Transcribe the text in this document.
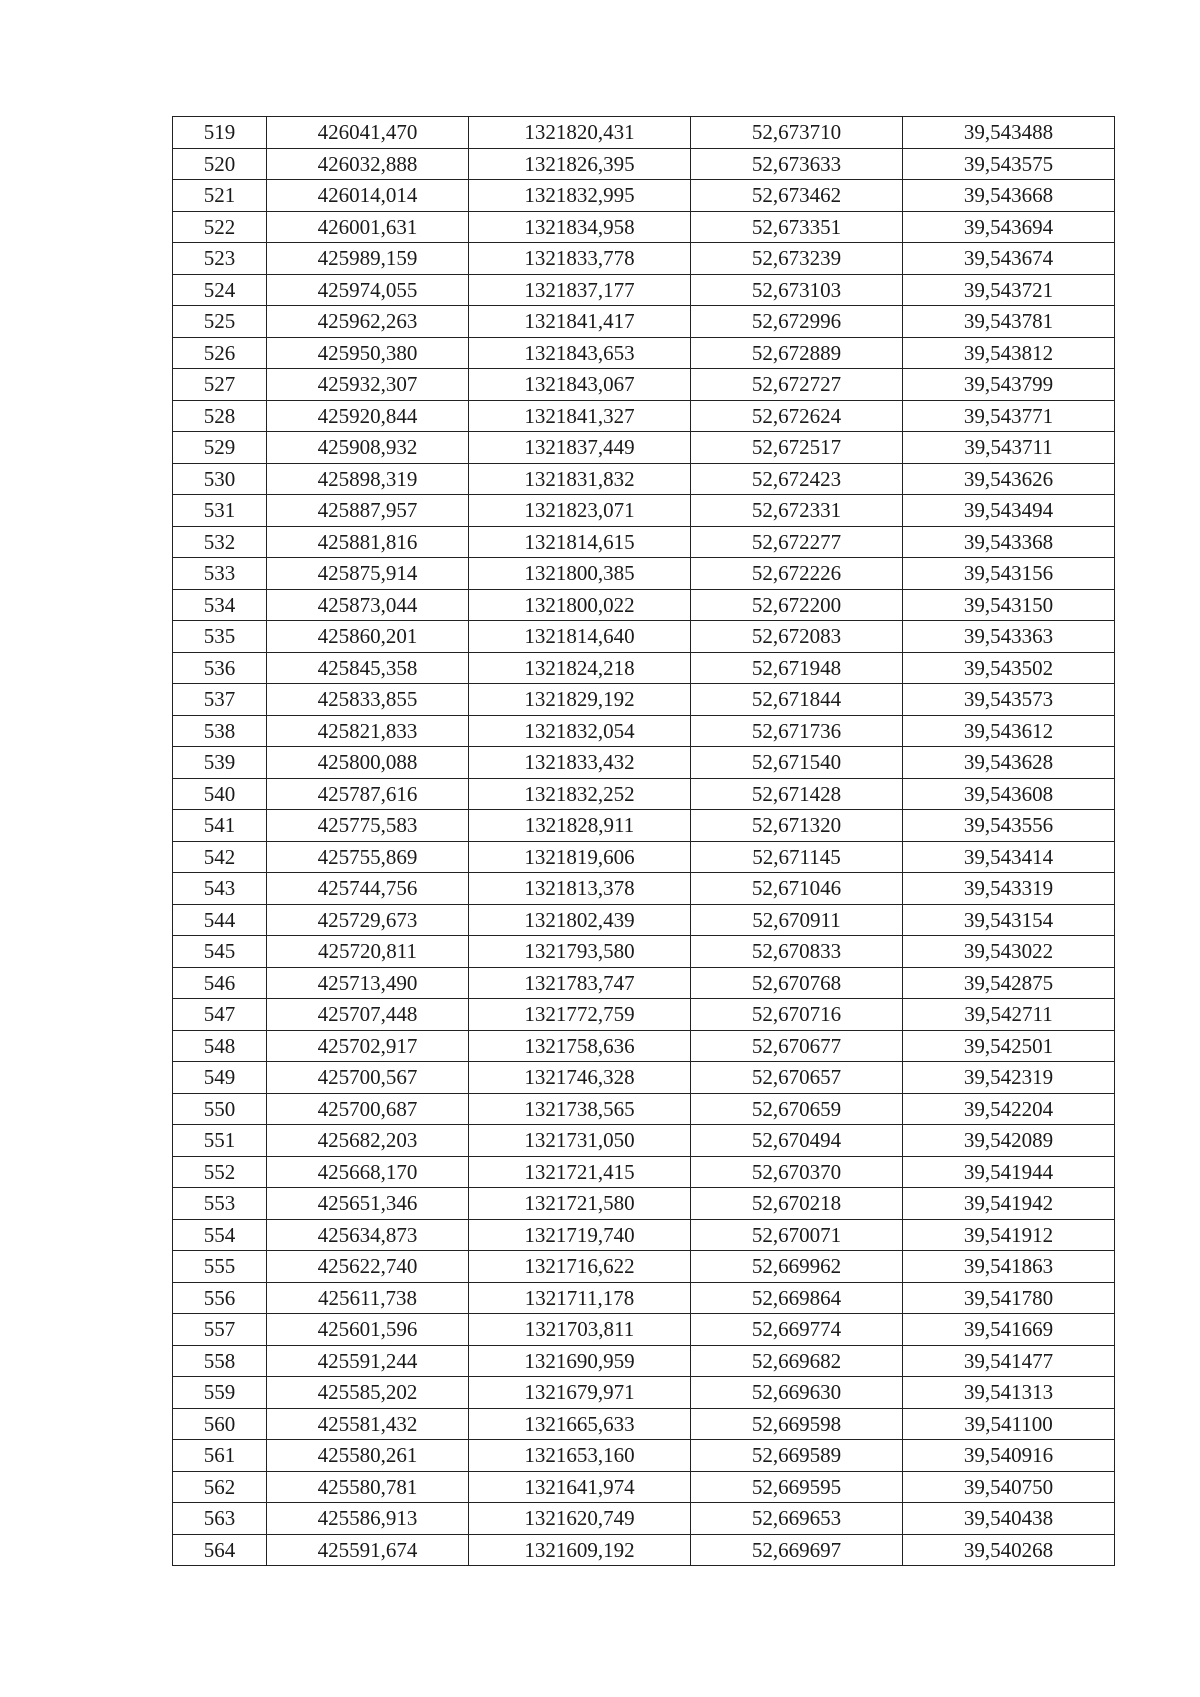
519	426041,470	1321820,431	52,673710	39,543488
520	426032,888	1321826,395	52,673633	39,543575
521	426014,014	1321832,995	52,673462	39,543668
522	426001,631	1321834,958	52,673351	39,543694
523	425989,159	1321833,778	52,673239	39,543674
524	425974,055	1321837,177	52,673103	39,543721
525	425962,263	1321841,417	52,672996	39,543781
526	425950,380	1321843,653	52,672889	39,543812
527	425932,307	1321843,067	52,672727	39,543799
528	425920,844	1321841,327	52,672624	39,543771
529	425908,932	1321837,449	52,672517	39,543711
530	425898,319	1321831,832	52,672423	39,543626
531	425887,957	1321823,071	52,672331	39,543494
532	425881,816	1321814,615	52,672277	39,543368
533	425875,914	1321800,385	52,672226	39,543156
534	425873,044	1321800,022	52,672200	39,543150
535	425860,201	1321814,640	52,672083	39,543363
536	425845,358	1321824,218	52,671948	39,543502
537	425833,855	1321829,192	52,671844	39,543573
538	425821,833	1321832,054	52,671736	39,543612
539	425800,088	1321833,432	52,671540	39,543628
540	425787,616	1321832,252	52,671428	39,543608
541	425775,583	1321828,911	52,671320	39,543556
542	425755,869	1321819,606	52,671145	39,543414
543	425744,756	1321813,378	52,671046	39,543319
544	425729,673	1321802,439	52,670911	39,543154
545	425720,811	1321793,580	52,670833	39,543022
546	425713,490	1321783,747	52,670768	39,542875
547	425707,448	1321772,759	52,670716	39,542711
548	425702,917	1321758,636	52,670677	39,542501
549	425700,567	1321746,328	52,670657	39,542319
550	425700,687	1321738,565	52,670659	39,542204
551	425682,203	1321731,050	52,670494	39,542089
552	425668,170	1321721,415	52,670370	39,541944
553	425651,346	1321721,580	52,670218	39,541942
554	425634,873	1321719,740	52,670071	39,541912
555	425622,740	1321716,622	52,669962	39,541863
556	425611,738	1321711,178	52,669864	39,541780
557	425601,596	1321703,811	52,669774	39,541669
558	425591,244	1321690,959	52,669682	39,541477
559	425585,202	1321679,971	52,669630	39,541313
560	425581,432	1321665,633	52,669598	39,541100
561	425580,261	1321653,160	52,669589	39,540916
562	425580,781	1321641,974	52,669595	39,540750
563	425586,913	1321620,749	52,669653	39,540438
564	425591,674	1321609,192	52,669697	39,540268
